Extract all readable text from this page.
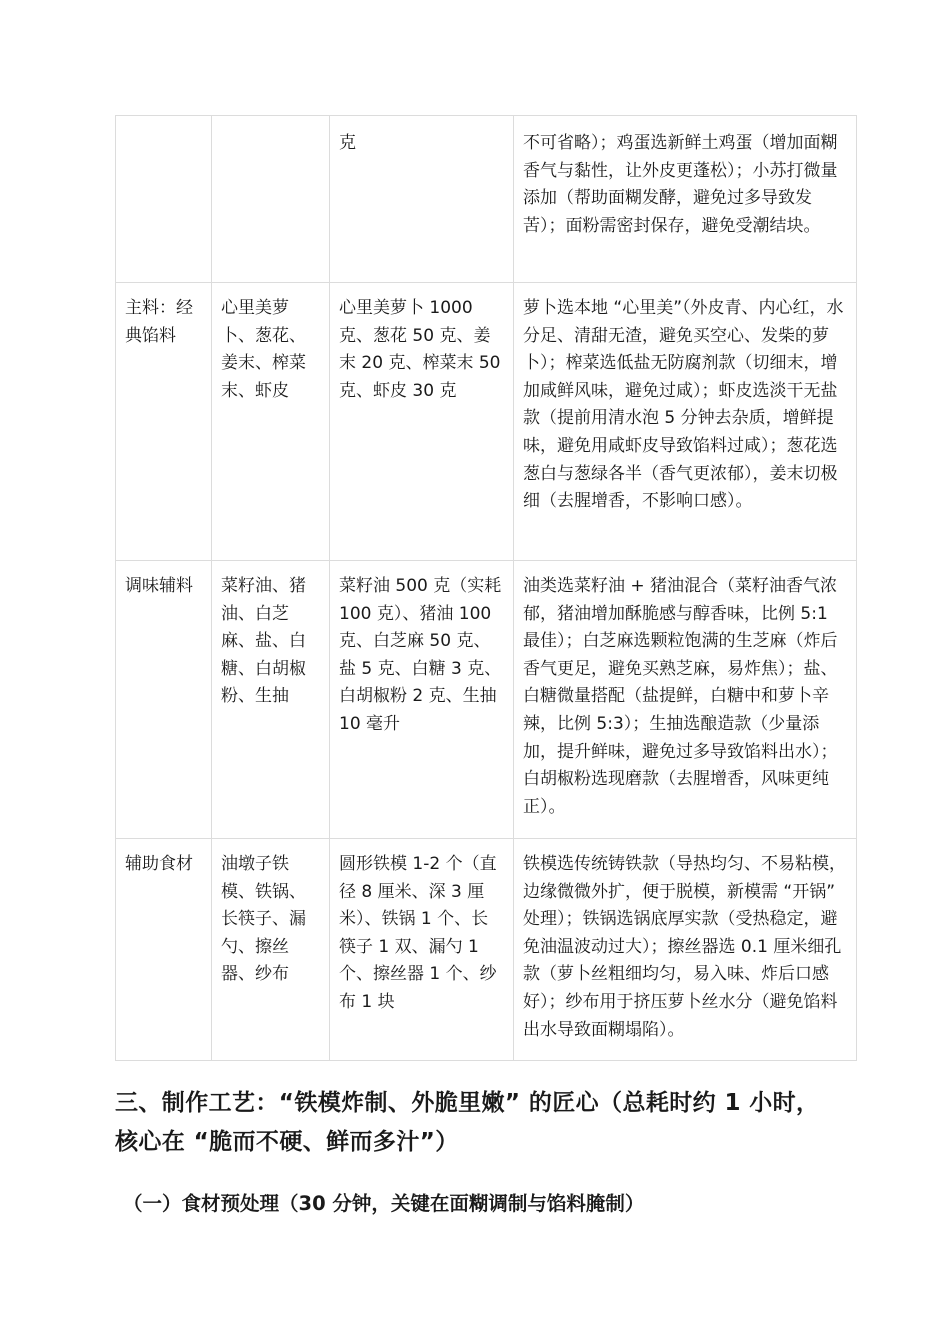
		克	不可省略）；鸡蛋选新鲜土鸡蛋（增加面糊香气与黏性，让外皮更蓬松）；小苏打微量添加（帮助面糊发酵，避免过多导致发苦）；面粉需密封保存，避免受潮结块。
主料：经典馅料	心里美萝卜、葱花、姜末、榨菜末、虾皮	心里美萝卜 1000 克、葱花 50 克、姜末 20 克、榨菜末 50 克、虾皮 30 克	萝卜选本地 “心里美”（外皮青、内心红，水分足、清甜无渣，避免买空心、发柴的萝卜）；榨菜选低盐无防腐剂款（切细末，增加咸鲜风味，避免过咸）；虾皮选淡干无盐款（提前用清水泡 5 分钟去杂质，增鲜提味，避免用咸虾皮导致馅料过咸）；葱花选葱白与葱绿各半（香气更浓郁），姜末切极细（去腥增香，不影响口感）。
调味辅料	菜籽油、猪油、白芝麻、盐、白糖、白胡椒粉、生抽	菜籽油 500 克（实耗 100 克）、猪油 100 克、白芝麻 50 克、盐 5 克、白糖 3 克、白胡椒粉 2 克、生抽 10 毫升	油类选菜籽油 + 猪油混合（菜籽油香气浓郁，猪油增加酥脆感与醇香味，比例 5:1 最佳）；白芝麻选颗粒饱满的生芝麻（炸后香气更足，避免买熟芝麻，易炸焦）；盐、白糖微量搭配（盐提鲜，白糖中和萝卜辛辣，比例 5:3）；生抽选酿造款（少量添加，提升鲜味，避免过多导致馅料出水）；白胡椒粉选现磨款（去腥增香，风味更纯正）。
辅助食材	油墩子铁模、铁锅、长筷子、漏勺、擦丝器、纱布	圆形铁模 1-2 个（直径 8 厘米、深 3 厘米）、铁锅 1 个、长筷子 1 双、漏勺 1 个、擦丝器 1 个、纱布 1 块	铁模选传统铸铁款（导热均匀、不易粘模，边缘微微外扩，便于脱模，新模需 “开锅” 处理）；铁锅选锅底厚实款（受热稳定，避免油温波动过大）；擦丝器选 0.1 厘米细孔款（萝卜丝粗细均匀，易入味、炸后口感好）；纱布用于挤压萝卜丝水分（避免馅料出水导致面糊塌陷）。
三、制作工艺：“铁模炸制、外脆里嫩” 的匠心（总耗时约 1 小时，核心在 “脆而不硬、鲜而多汁”）
（一）食材预处理（30 分钟，关键在面糊调制与馅料腌制）
